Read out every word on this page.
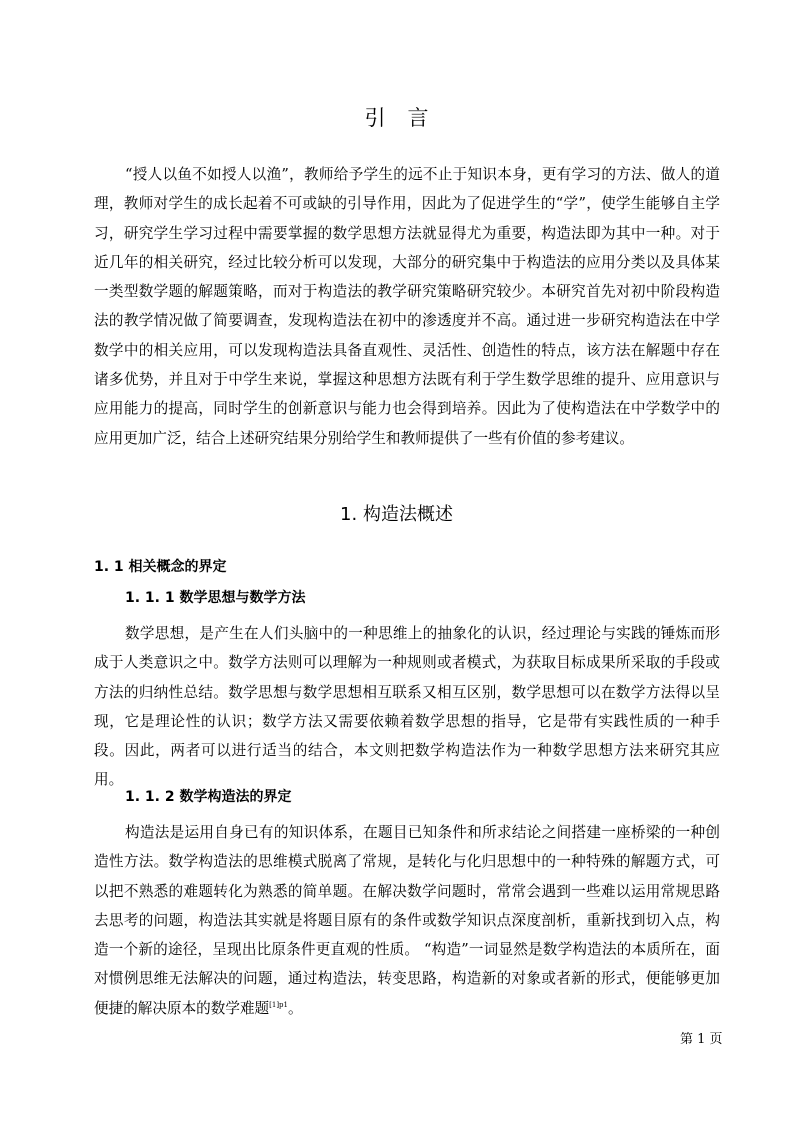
引言
“授人以鱼不如授人以渔”，教师给予学生的远不止于知识本身，更有学习的方法、做人的道理，教师对学生的成长起着不可或缺的引导作用，因此为了促进学生的“学”，使学生能够自主学习，研究学生学习过程中需要掌握的数学思想方法就显得尤为重要，构造法即为其中一种。对于近几年的相关研究，经过比较分析可以发现，大部分的研究集中于构造法的应用分类以及具体某一类型数学题的解题策略，而对于构造法的教学研究策略研究较少。本研究首先对初中阶段构造法的教学情况做了简要调查，发现构造法在初中的渗透度并不高。通过进一步研究构造法在中学数学中的相关应用，可以发现构造法具备直观性、灵活性、创造性的特点，该方法在解题中存在诸多优势，并且对于中学生来说，掌握这种思想方法既有利于学生数学思维的提升、应用意识与应用能力的提高，同时学生的创新意识与能力也会得到培养。因此为了使构造法在中学数学中的应用更加广泛，结合上述研究结果分别给学生和教师提供了一些有价值的参考建议。
1. 构造法概述
1. 1 相关概念的界定
1. 1. 1 数学思想与数学方法
数学思想，是产生在人们头脑中的一种思维上的抽象化的认识，经过理论与实践的锤炼而形成于人类意识之中。数学方法则可以理解为一种规则或者模式，为获取目标成果所采取的手段或方法的归纳性总结。数学思想与数学思想相互联系又相互区别，数学思想可以在数学方法得以呈现，它是理论性的认识；数学方法又需要依赖着数学思想的指导，它是带有实践性质的一种手段。因此，两者可以进行适当的结合，本文则把数学构造法作为一种数学思想方法来研究其应用。
1. 1. 2 数学构造法的界定
构造法是运用自身已有的知识体系，在题目已知条件和所求结论之间搭建一座桥梁的一种创造性方法。数学构造法的思维模式脱离了常规，是转化与化归思想中的一种特殊的解题方式，可以把不熟悉的难题转化为熟悉的简单题。在解决数学问题时，常常会遇到一些难以运用常规思路去思考的问题，构造法其实就是将题目原有的条件或数学知识点深度剖析，重新找到切入点，构造一个新的途径，呈现出比原条件更直观的性质。 “构造”一词显然是数学构造法的本质所在，面对惯例思维无法解决的问题，通过构造法，转变思路，构造新的对象或者新的形式，便能够更加便捷的解决原本的数学难题$^{[1]p1}$。
第 1 页
